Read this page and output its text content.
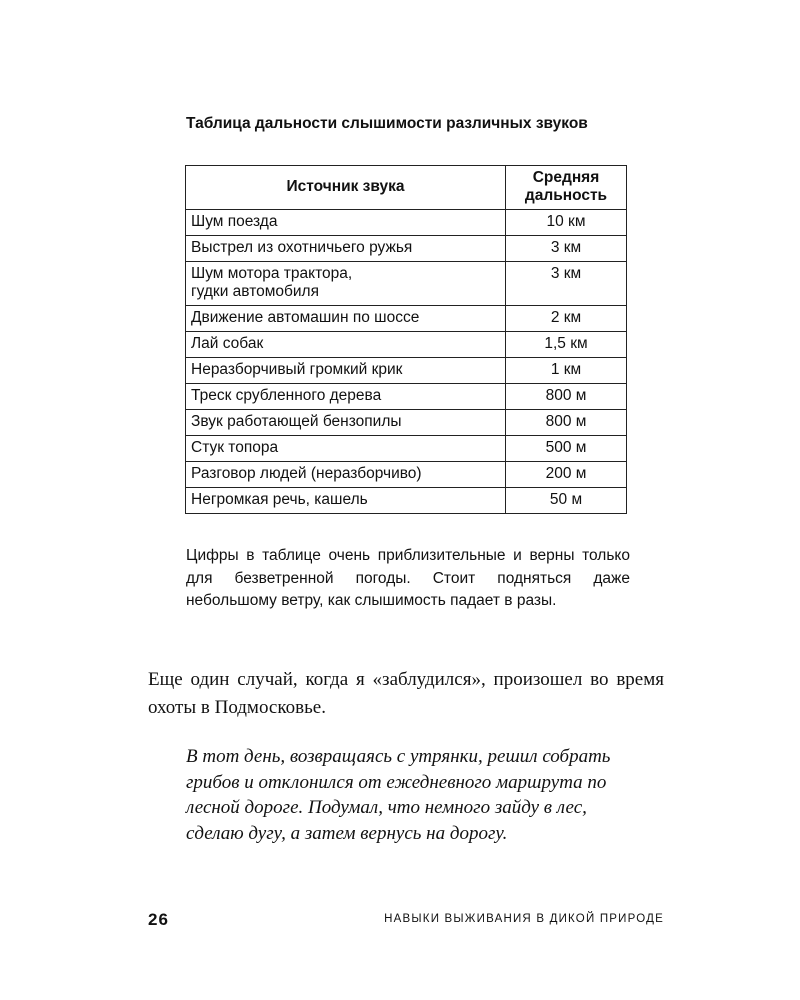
Таблица дальности слышимости различных звуков
Источник звука	Средняя
дальность
Шум поезда	10 км
Выстрел из охотничьего ружья	3 км
Шум мотора трактора,
гудки автомобиля	3 км
Движение автомашин по шоссе	2 км
Лай собак	1,5 км
Неразборчивый громкий крик	1 км
Треск срубленного дерева	800 м
Звук работающей бензопилы	800 м
Стук топора	500 м
Разговор людей (неразборчиво)	200 м
Негромкая речь, кашель	50 м
Цифры в таблице очень приблизительные и верны только для безветренной погоды. Стоит подняться даже небольшому ветру, как слышимость падает в разы.
Еще один случай, когда я «заблудился», произошел во время охоты в Подмосковье.
В тот день, возвращаясь с утрянки, решил собрать грибов и отклонился от ежедневного маршрута по лесной дороге. Подумал, что немного зайду в лес, сделаю дугу, а затем вернусь на дорогу.
26	НАВЫКИ ВЫЖИВАНИЯ В ДИКОЙ ПРИРОДЕ
